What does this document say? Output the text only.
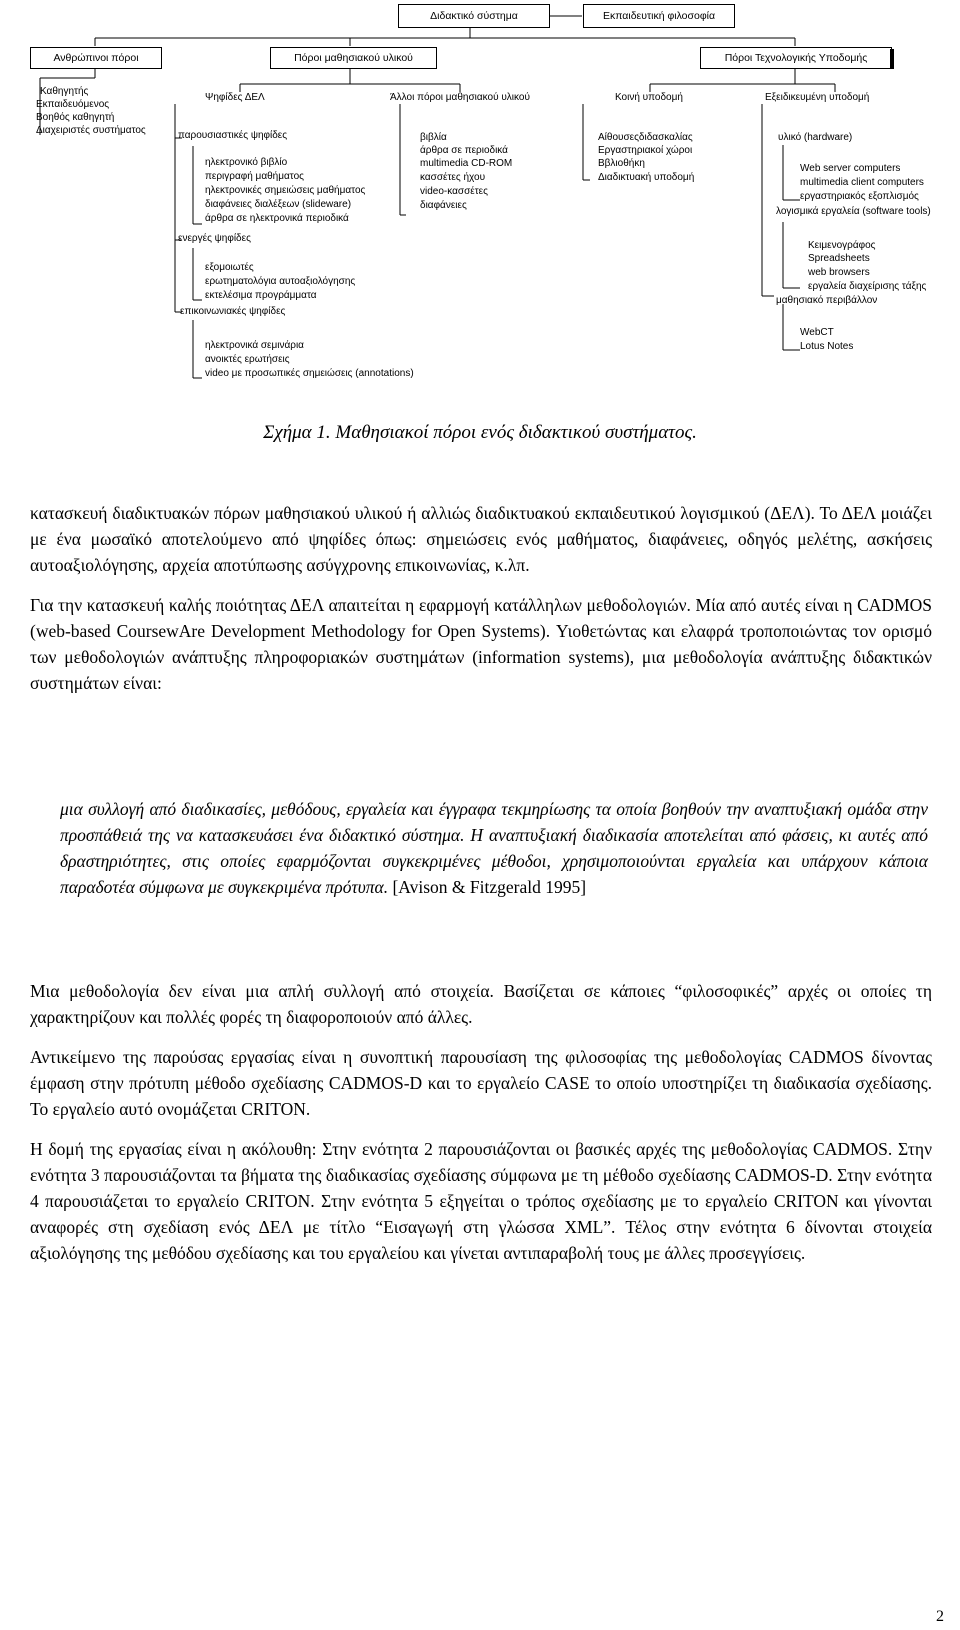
Διδακτικό σύστημα	Εκπαιδευτική φιλοσοφία
Ανθρώπινοι πόροι	Πόροι μαθησιακού υλικού	Πόροι Τεχνολογικής Υποδομής
Καθηγητής
Εκπαιδευόμενος
Βοηθός καθηγητή
Διαχειριστές συστήματος
Ψηφίδες ΔΕΛ
παρουσιαστικές ψηφίδες
ηλεκτρονικό βιβλίο
περιγραφή μαθήματος
ηλεκτρονικές σημειώσεις μαθήματος
διαφάνειες διαλέξεων (slideware)
άρθρα σε ηλεκτρονικά περιοδικά
ενεργές ψηφίδες
εξομοιωτές
ερωτηματολόγια αυτοαξιολόγησης
εκτελέσιμα προγράμματα
επικοινωνιακές ψηφίδες
ηλεκτρονικά σεμινάρια
ανοικτές ερωτήσεις
video με προσωπικές σημειώσεις (annotations)
Άλλοι πόροι μαθησιακού υλικού
βιβλία
άρθρα σε περιοδικά
multimedia CD-ROM
κασσέτες ήχου
video-κασσέτες
διαφάνειες
Κοινή υποδομή
Αίθουσεςδιδασκαλίας
Εργαστηριακοί χώροι
Ββλιοθήκη
Διαδικτυακή υποδομή
Εξειδικευμένη υποδομή
υλικό (hardware)
Web server computers
multimedia client computers
εργαστηριακός εξοπλισμός
λογισμικά εργαλεία (software tools)
Κειμενογράφος
Spreadsheets
web browsers
εργαλεία διαχείρισης τάξης
μαθησιακό περιβάλλον
WebCT
Lotus Notes
Σχήμα 1. Μαθησιακοί πόροι ενός διδακτικού συστήματος.

κατασκευή διαδικτυακών πόρων μαθησιακού υλικού ή αλλιώς διαδικτυακού εκπαιδευτικού λογισμικού (ΔΕΛ). Το ΔΕΛ μοιάζει με ένα μωσαϊκό αποτελούμενο από ψηφίδες όπως: σημειώσεις ενός μαθήματος, διαφάνειες, οδηγός μελέτης, ασκήσεις αυτοαξιολόγησης, αρχεία αποτύπωσης ασύγχρονης επικοινωνίας, κ.λπ.

Για την κατασκευή καλής ποιότητας ΔΕΛ απαιτείται η εφαρμογή κατάλληλων μεθοδολογιών. Μία από αυτές είναι η CADMOS (web-based CoursewAre Development Methodology for Open Systems). Υιοθετώντας και ελαφρά τροποποιώντας τον ορισμό των μεθοδολογιών ανάπτυξης πληροφοριακών συστημάτων (information systems), μια μεθοδολογία ανάπτυξης διδακτικών συστημάτων είναι:

μια συλλογή από διαδικασίες, μεθόδους, εργαλεία και έγγραφα τεκμηρίωσης τα οποία βοηθούν την αναπτυξιακή ομάδα στην προσπάθειά της να κατασκευάσει ένα διδακτικό σύστημα. Η αναπτυξιακή διαδικασία αποτελείται από φάσεις, κι αυτές από δραστηριότητες, στις οποίες εφαρμόζονται συγκεκριμένες μέθοδοι, χρησιμοποιούνται εργαλεία και υπάρχουν κάποια παραδοτέα σύμφωνα με συγκεκριμένα πρότυπα. [Avison & Fitzgerald 1995]

Μια μεθοδολογία δεν είναι μια απλή συλλογή από στοιχεία. Βασίζεται σε κάποιες “φιλοσοφικές” αρχές οι οποίες τη χαρακτηρίζουν και πολλές φορές τη διαφοροποιούν από άλλες.

Αντικείμενο της παρούσας εργασίας είναι η συνοπτική παρουσίαση της φιλοσοφίας της μεθοδολογίας CADMOS δίνοντας έμφαση στην πρότυπη μέθοδο σχεδίασης CADMOS-D και το εργαλείο CASE το οποίο υποστηρίζει τη διαδικασία σχεδίασης. Το εργαλείο αυτό ονομάζεται CRITON.

Η δομή της εργασίας είναι η ακόλουθη: Στην ενότητα 2 παρουσιάζονται οι βασικές αρχές της μεθοδολογίας CADMOS. Στην ενότητα 3 παρουσιάζονται τα βήματα της διαδικασίας σχεδίασης σύμφωνα με τη μέθοδο σχεδίασης CADMOS-D. Στην ενότητα 4 παρουσιάζεται το εργαλείο CRITON. Στην ενότητα 5 εξηγείται ο τρόπος σχεδίασης με το εργαλείο CRITON και γίνονται αναφορές στη σχεδίαση ενός ΔΕΛ με τίτλο “Εισαγωγή στη γλώσσα XML”. Τέλος στην ενότητα 6 δίνονται στοιχεία αξιολόγησης της μεθόδου σχεδίασης και του εργαλείου και γίνεται αντιπαραβολή τους με άλλες προσεγγίσεις.

2
